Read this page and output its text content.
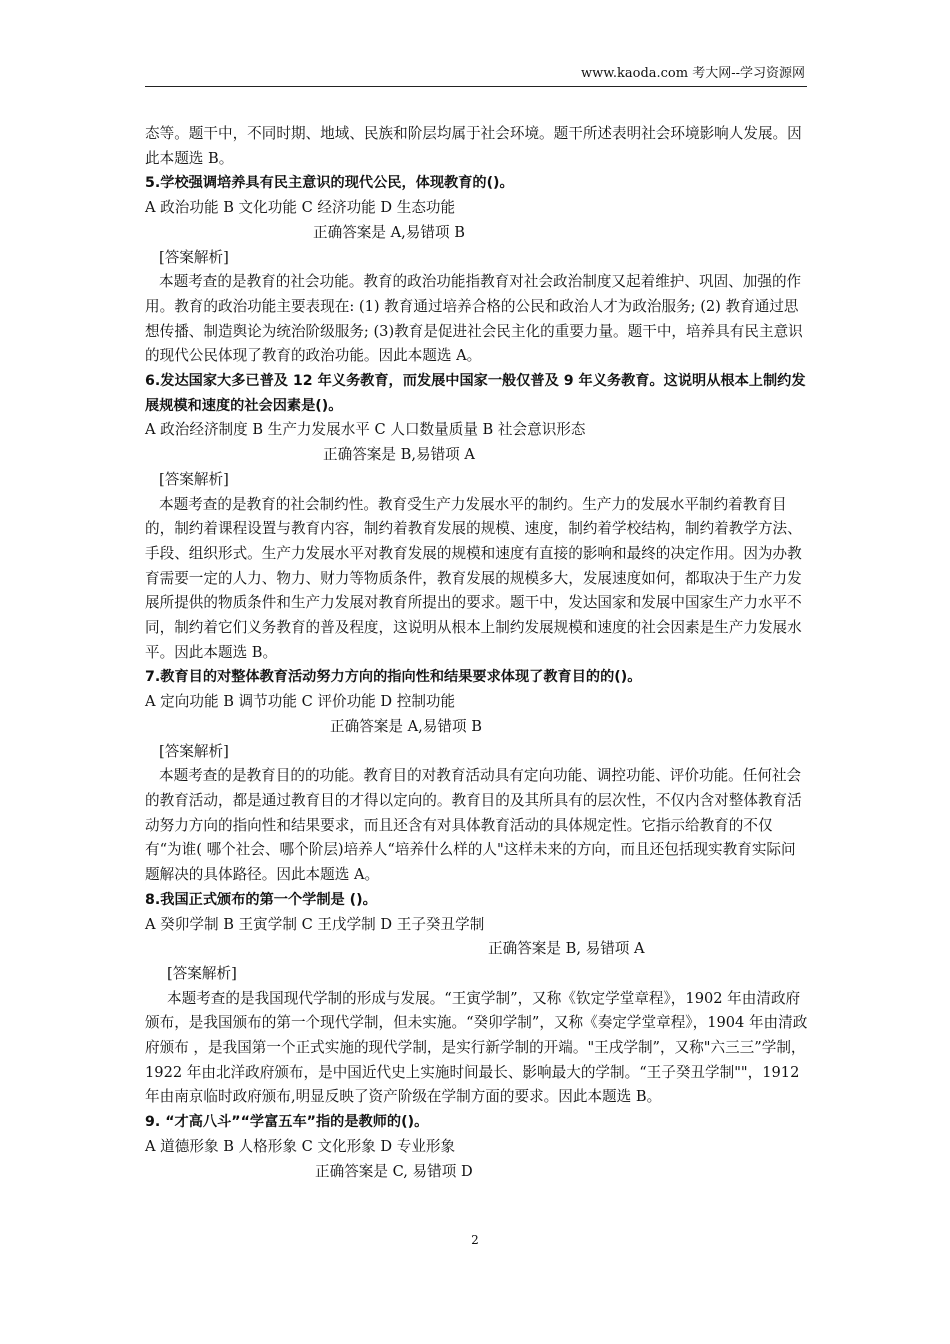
www.kaoda.com 考大网--学习资源网

态等。题干中，不同时期、地域、民族和阶层均属于社会环境。题干所述表明社会环境影响人发展。因此本题选 B。

5.学校强调培养具有民主意识的现代公民，体现教育的()。

A 政治功能 B 文化功能 C 经济功能 D 生态功能

正确答案是 A,易错项 B

[答案解析]

本题考查的是教育的社会功能。教育的政治功能指教育对社会政治制度又起着维护、巩固、加强的作用。教育的政治功能主要表现在: (1) 教育通过培养合格的公民和政治人才为政治服务; (2) 教育通过思想传播、制造舆论为统治阶级服务; (3)教育是促进社会民主化的重要力量。题干中，培养具有民主意识的现代公民体现了教育的政治功能。因此本题选 A。

6.发达国家大多已普及 12 年义务教育，而发展中国家一般仅普及 9 年义务教育。这说明从根本上制约发展规模和速度的社会因素是()。

A 政治经济制度 B 生产力发展水平 C 人口数量质量 B 社会意识形态

正确答案是 B,易错项 A

[答案解析]

本题考查的是教育的社会制约性。教育受生产力发展水平的制约。生产力的发展水平制约着教育目的，制约着课程设置与教育内容，制约着教育发展的规模、速度，制约着学校结构，制约着教学方法、手段、组织形式。生产力发展水平对教育发展的规模和速度有直接的影响和最终的决定作用。因为办教育需要一定的人力、物力、财力等物质条件，教育发展的规模多大，发展速度如何，都取决于生产力发展所提供的物质条件和生产力发展对教育所提出的要求。题干中，发达国家和发展中国家生产力水平不同，制约着它们义务教育的普及程度，这说明从根本上制约发展规模和速度的社会因素是生产力发展水平。因此本题选 B。

7.教育目的对整体教育活动努力方向的指向性和结果要求体现了教育目的的()。

A 定向功能 B 调节功能 C 评价功能 D 控制功能

正确答案是 A,易错项 B

[答案解析]

本题考查的是教育目的的功能。教育目的对教育活动具有定向功能、调控功能、评价功能。任何社会的教育活动，都是通过教育目的才得以定向的。教育目的及其所具有的层次性，不仅内含对整体教育活动努力方向的指向性和结果要求，而且还含有对具体教育活动的具体规定性。它指示给教育的不仅有“为谁( 哪个社会、哪个阶层)培养人“培养什么样的人"这样未来的方向，而且还包括现实教育实际问题解决的具体路径。因此本题选 A。

8.我国正式颁布的第一个学制是 ()。

A 癸卯学制 B 王寅学制 C 王戊学制 D 王子癸丑学制

正确答案是 B, 易错项 A

[答案解析]

本题考查的是我国现代学制的形成与发展。“王寅学制”，又称《钦定学堂章程》，1902 年由清政府颁布，是我国颁布的第一个现代学制，但未实施。“癸卯学制”，又称《奏定学堂章程》，1904 年由清政府颁布 ，是我国第一个正式实施的现代学制，是实行新学制的开端。"王戌学制”，又称"六三三”学制，1922 年由北洋政府颁布，是中国近代史上实施时间最长、影响最大的学制。“王子癸丑学制""，1912 年由南京临时政府颁布,明显反映了资产阶级在学制方面的要求。因此本题选 B。

9. “才高八斗”“学富五车”指的是教师的()。

A 道德形象 B 人格形象 C 文化形象 D 专业形象

正确答案是 C, 易错项 D

2
